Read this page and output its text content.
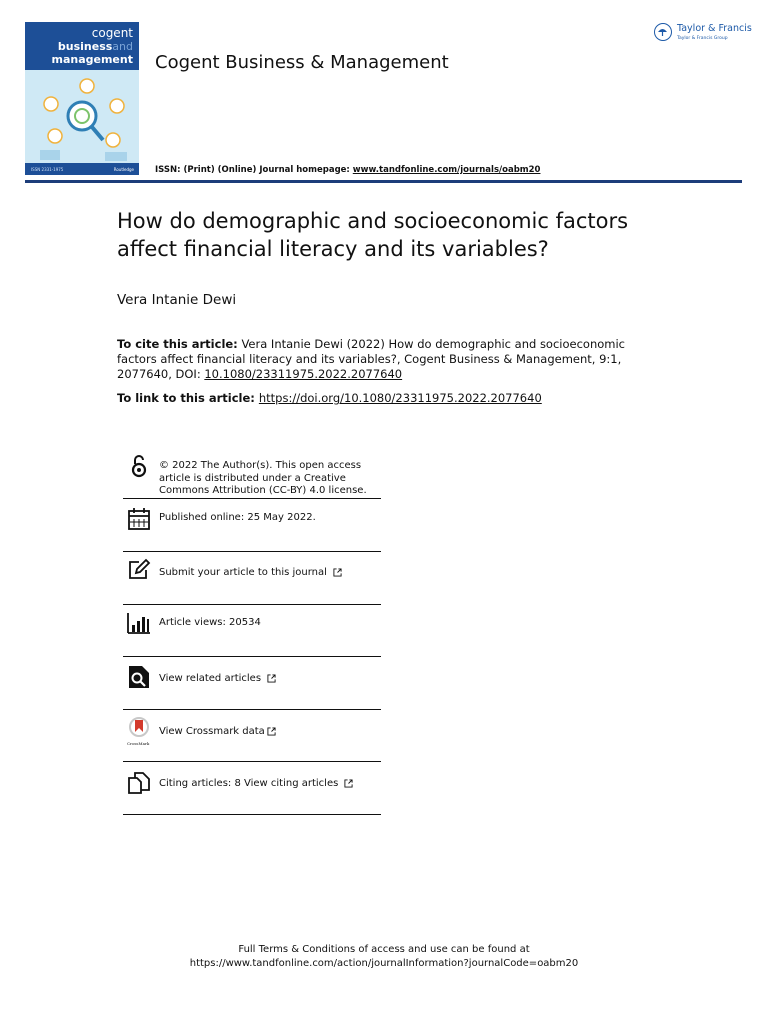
cogent
businessand
management
ISSN 2331-1975	Routledge
Cogent Business & Management
Taylor & Francis
Taylor & Francis Group
ISSN: (Print) (Online) Journal homepage: www.tandfonline.com/journals/oabm20
How do demographic and socioeconomic factors affect financial literacy and its variables?
Vera Intanie Dewi
To cite this article: Vera Intanie Dewi (2022) How do demographic and socioeconomic factors affect financial literacy and its variables?, Cogent Business & Management, 9:1, 2077640, DOI: 10.1080/23311975.2022.2077640
To link to this article: https://doi.org/10.1080/23311975.2022.2077640
© 2022 The Author(s). This open access
article is distributed under a Creative
Commons Attribution (CC-BY) 4.0 license.
Published online: 25 May 2022.
Submit your article to this journal
Article views: 20534
View related articles
CrossMark
View Crossmark data
Citing articles: 8 View citing articles
Full Terms & Conditions of access and use can be found at
https://www.tandfonline.com/action/journalInformation?journalCode=oabm20
